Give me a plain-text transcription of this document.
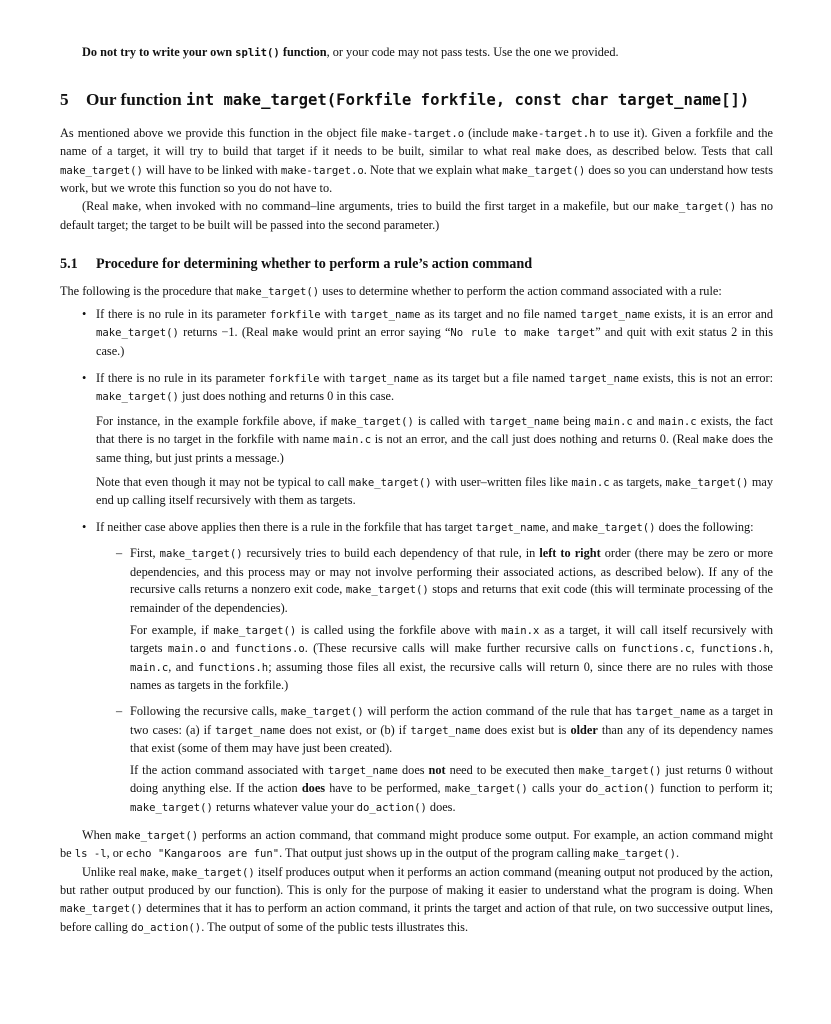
Do not try to write your own split() function, or your code may not pass tests. Use the one we provided.

5 Our function int make_target(Forkfile forkfile, const char target_name[])

As mentioned above we provide this function in the object file make-target.o (include make-target.h to use it). Given a forkfile and the name of a target, it will try to build that target if it needs to be built, similar to what real make does, as described below. Tests that call make_target() will have to be linked with make-target.o. Note that we explain what make_target() does so you can understand how tests work, but we wrote this function so you do not have to.

(Real make, when invoked with no command–line arguments, tries to build the first target in a makefile, but our make_target() has no default target; the target to be built will be passed into the second parameter.)

5.1 Procedure for determining whether to perform a rule’s action command

The following is the procedure that make_target() uses to determine whether to perform the action command associated with a rule:

• If there is no rule in its parameter forkfile with target_name as its target and no file named target_name exists, it is an error and make_target() returns −1. (Real make would print an error saying “No rule to make target” and quit with exit status 2 in this case.)

• If there is no rule in its parameter forkfile with target_name as its target but a file named target_name exists, this is not an error: make_target() just does nothing and returns 0 in this case.

For instance, in the example forkfile above, if make_target() is called with target_name being main.c and main.c exists, the fact that there is no target in the forkfile with name main.c is not an error, and the call just does nothing and returns 0. (Real make does the same thing, but just prints a message.)

Note that even though it may not be typical to call make_target() with user–written files like main.c as targets, make_target() may end up calling itself recursively with them as targets.

• If neither case above applies then there is a rule in the forkfile that has target target_name, and make_target() does the following:

– First, make_target() recursively tries to build each dependency of that rule, in left to right order (there may be zero or more dependencies, and this process may or may not involve performing their associated actions, as described below). If any of the recursive calls returns a nonzero exit code, make_target() stops and returns that exit code (this will terminate processing of the remainder of the dependencies).

For example, if make_target() is called using the forkfile above with main.x as a target, it will call itself recursively with targets main.o and functions.o. (These recursive calls will make further recursive calls on functions.c, functions.h, main.c, and functions.h; assuming those files all exist, the recursive calls will return 0, since there are no rules with those names as targets in the forkfile.)

– Following the recursive calls, make_target() will perform the action command of the rule that has target_name as a target in two cases: (a) if target_name does not exist, or (b) if target_name does exist but is older than any of its dependency names that exist (some of them may have just been created).

If the action command associated with target_name does not need to be executed then make_target() just returns 0 without doing anything else. If the action does have to be performed, make_target() calls your do_action() function to perform it; make_target() returns whatever value your do_action() does.

When make_target() performs an action command, that command might produce some output. For example, an action command might be ls -l, or echo "Kangaroos are fun". That output just shows up in the output of the program calling make_target().

Unlike real make, make_target() itself produces output when it performs an action command (meaning output not produced by the action, but rather output produced by our function). This is only for the purpose of making it easier to understand what the program is doing. When make_target() determines that it has to perform an action command, it prints the target and action of that rule, on two successive output lines, before calling do_action(). The output of some of the public tests illustrates this.
